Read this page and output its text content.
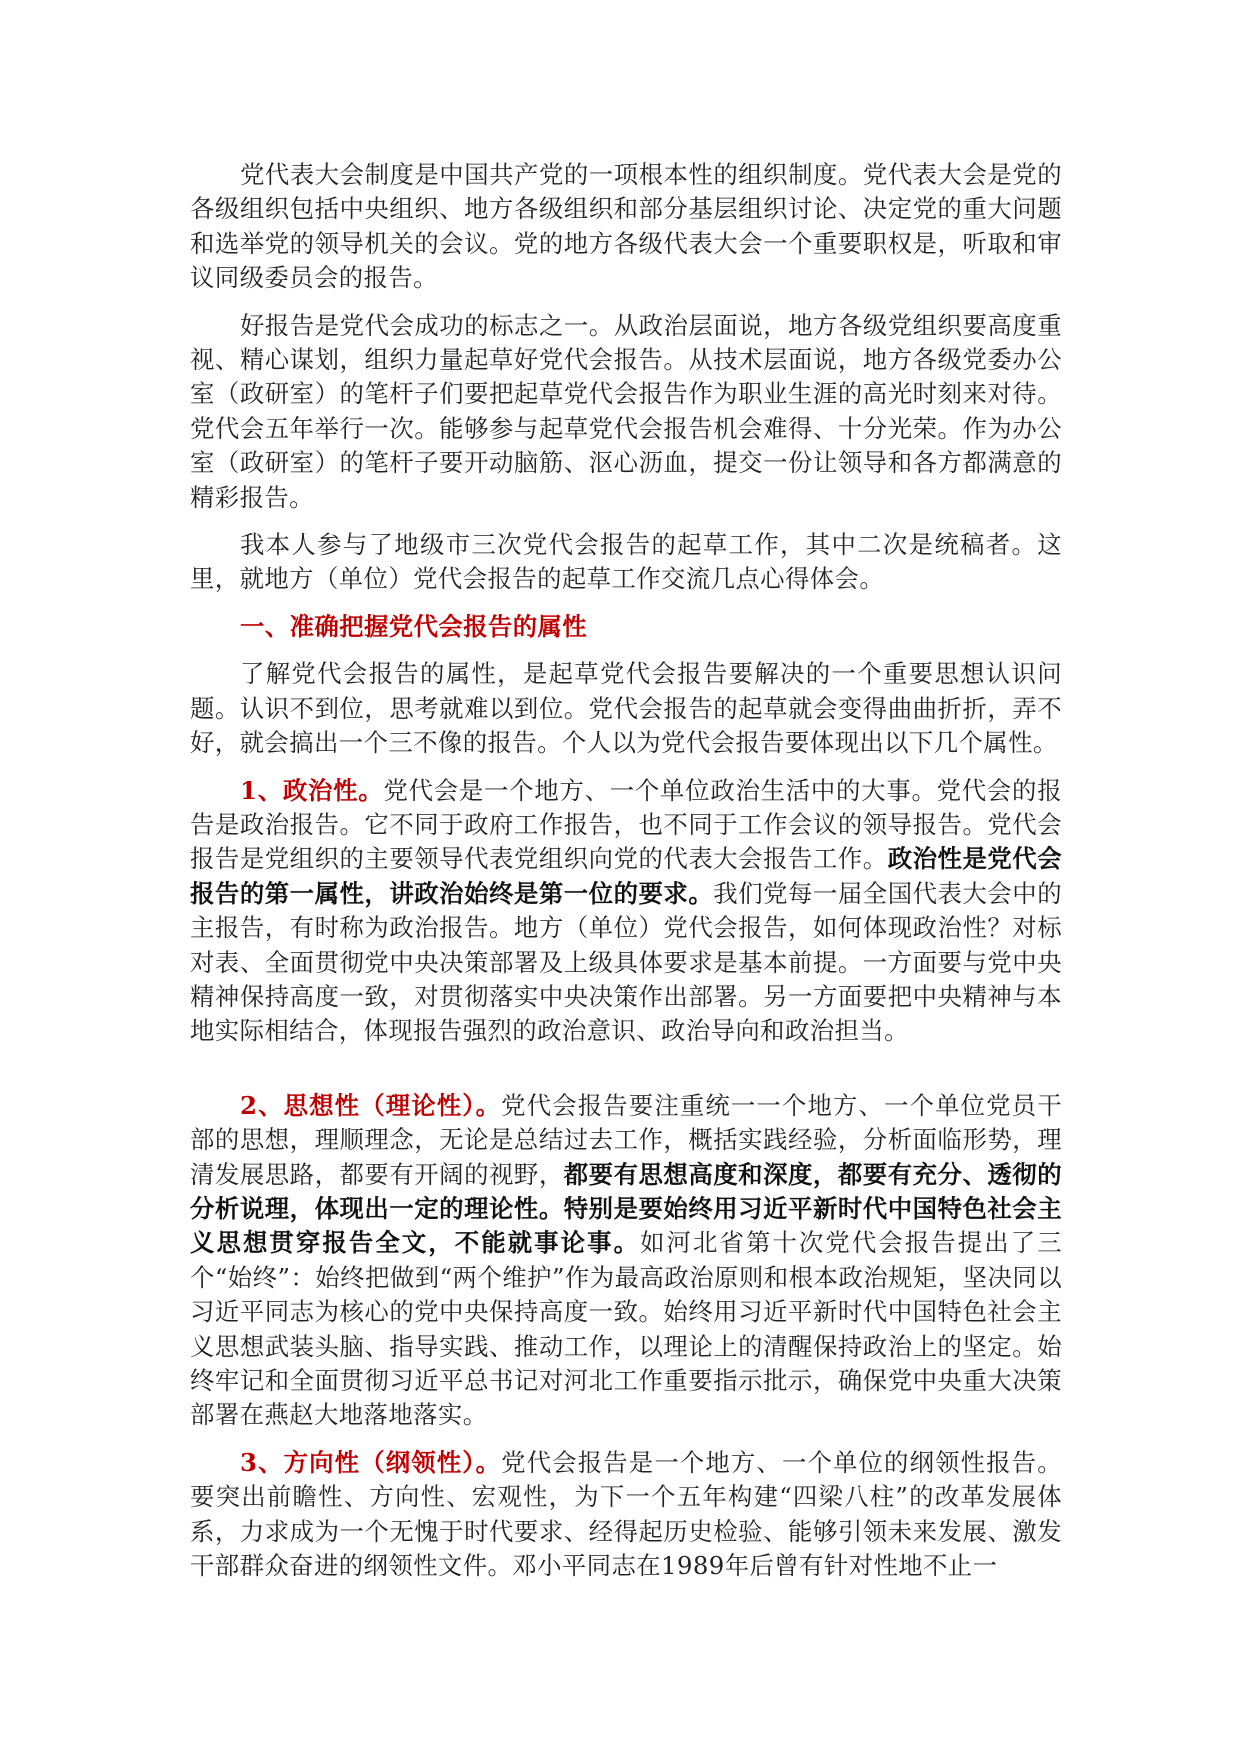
党代表大会制度是中国共产党的一项根本性的组织制度。党代表大会是党的各级组织包括中央组织、地方各级组织和部分基层组织讨论、决定党的重大问题和选举党的领导机关的会议。党的地方各级代表大会一个重要职权是，听取和审议同级委员会的报告。

好报告是党代会成功的标志之一。从政治层面说，地方各级党组织要高度重视、精心谋划，组织力量起草好党代会报告。从技术层面说，地方各级党委办公室（政研室）的笔杆子们要把起草党代会报告作为职业生涯的高光时刻来对待。党代会五年举行一次。能够参与起草党代会报告机会难得、十分光荣。作为办公室（政研室）的笔杆子要开动脑筋、沤心沥血，提交一份让领导和各方都满意的精彩报告。

我本人参与了地级市三次党代会报告的起草工作，其中二次是统稿者。这里，就地方（单位）党代会报告的起草工作交流几点心得体会。

一、准确把握党代会报告的属性

了解党代会报告的属性，是起草党代会报告要解决的一个重要思想认识问题。认识不到位，思考就难以到位。党代会报告的起草就会变得曲曲折折，弄不好，就会搞出一个三不像的报告。个人以为党代会报告要体现出以下几个属性。

1、政治性。党代会是一个地方、一个单位政治生活中的大事。党代会的报告是政治报告。它不同于政府工作报告，也不同于工作会议的领导报告。党代会报告是党组织的主要领导代表党组织向党的代表大会报告工作。政治性是党代会报告的第一属性，讲政治始终是第一位的要求。我们党每一届全国代表大会中的主报告，有时称为政治报告。地方（单位）党代会报告，如何体现政治性？对标对表、全面贯彻党中央决策部署及上级具体要求是基本前提。一方面要与党中央精神保持高度一致，对贯彻落实中央决策作出部署。另一方面要把中央精神与本地实际相结合，体现报告强烈的政治意识、政治导向和政治担当。

2、思想性（理论性）。党代会报告要注重统一一个地方、一个单位党员干部的思想，理顺理念，无论是总结过去工作，概括实践经验，分析面临形势，理清发展思路，都要有开阔的视野，都要有思想高度和深度，都要有充分、透彻的分析说理，体现出一定的理论性。特别是要始终用习近平新时代中国特色社会主义思想贯穿报告全文，不能就事论事。如河北省第十次党代会报告提出了三个“始终”：始终把做到“两个维护”作为最高政治原则和根本政治规矩，坚决同以习近平同志为核心的党中央保持高度一致。始终用习近平新时代中国特色社会主义思想武装头脑、指导实践、推动工作，以理论上的清醒保持政治上的坚定。始终牢记和全面贯彻习近平总书记对河北工作重要指示批示，确保党中央重大决策部署在燕赵大地落地落实。

3、方向性（纲领性）。党代会报告是一个地方、一个单位的纲领性报告。要突出前瞻性、方向性、宏观性，为下一个五年构建“四梁八柱”的改革发展体系，力求成为一个无愧于时代要求、经得起历史检验、能够引领未来发展、激发干部群众奋进的纲领性文件。邓小平同志在1989年后曾有针对性地不止一
